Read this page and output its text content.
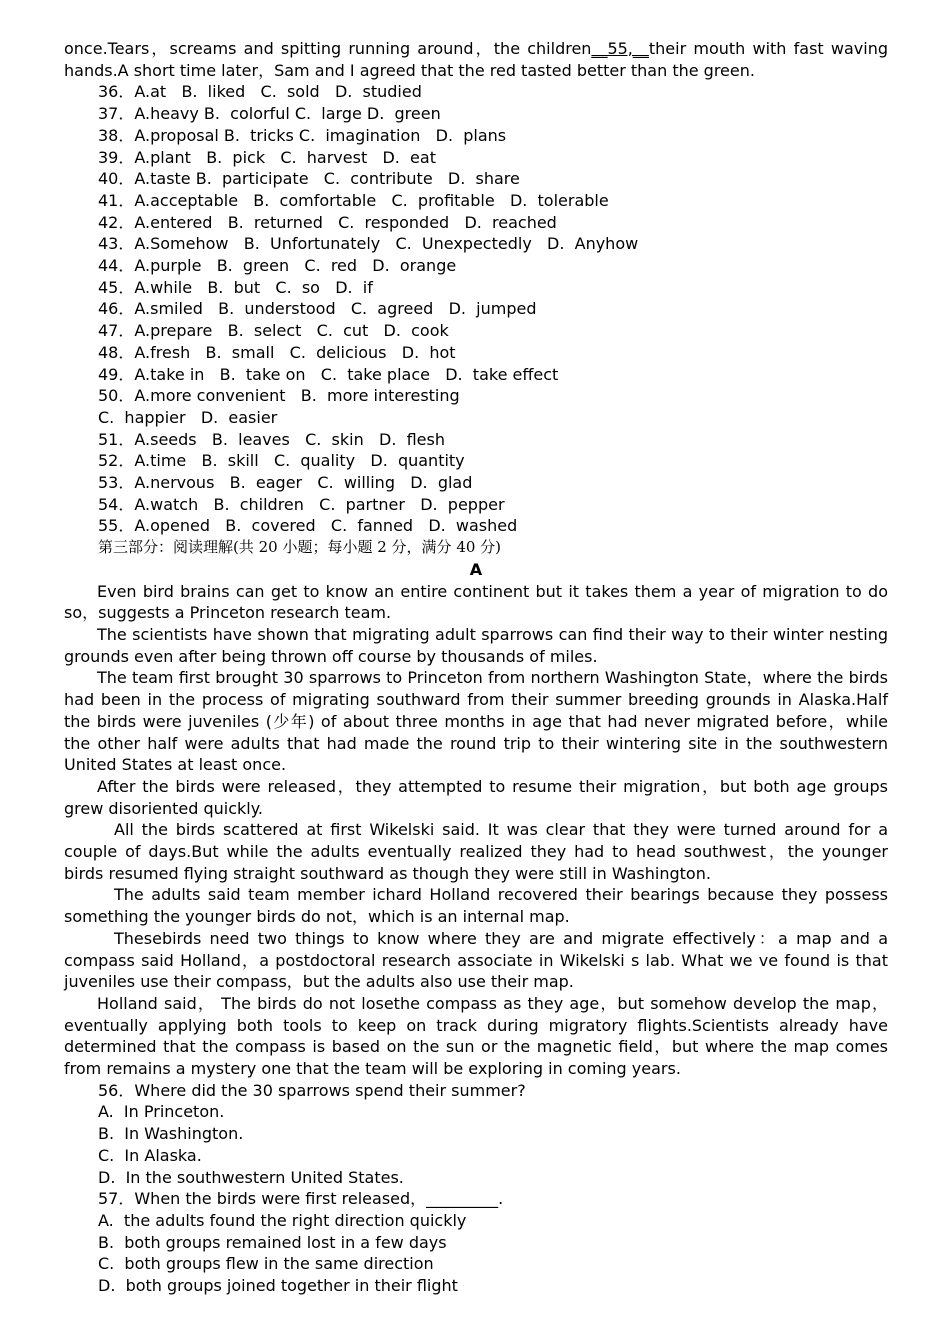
once.Tears，screams and spitting running around，the children__55,__their mouth with fast waving hands.A short time later，Sam and I agreed that the red tasted better than the green.

36．A.at   B.  liked   C.  sold   D.  studied

37．A.heavy B.  colorful C.  large D.  green

38．A.proposal B.  tricks C.  imagination   D.  plans

39．A.plant   B.  pick   C.  harvest   D.  eat

40．A.taste B.  participate   C.  contribute   D.  share

41．A.acceptable   B.  comfortable   C.  profitable   D.  tolerable

42．A.entered   B.  returned   C.  responded   D.  reached

43．A.Somehow   B.  Unfortunately   C.  Unexpectedly   D.  Anyhow

44．A.purple   B.  green   C.  red   D.  orange

45．A.while   B.  but   C.  so   D.  if

46．A.smiled   B.  understood   C.  agreed   D.  jumped

47．A.prepare   B.  select   C.  cut   D.  cook

48．A.fresh   B.  small   C.  delicious   D.  hot

49．A.take in   B.  take on   C.  take place   D.  take effect

50．A.more convenient   B.  more interesting

C.  happier   D.  easier

51．A.seeds   B.  leaves   C.  skin   D.  flesh

52．A.time   B.  skill   C.  quality   D.  quantity

53．A.nervous   B.  eager   C.  willing   D.  glad

54．A.watch   B.  children   C.  partner   D.  pepper

55．A.opened   B.  covered   C.  fanned   D.  washed

第三部分：阅读理解(共 20 小题；每小题 2 分，满分 40 分)

A

Even bird brains can get to know an entire continent but it takes them a year of migration to do so，suggests a Princeton research team.

The scientists have shown that migrating adult sparrows can find their way to their winter nesting grounds even after being thrown off course by thousands of miles.

The team first brought 30 sparrows to Princeton from northern Washington State，where the birds had been in the process of migrating southward from their summer breeding grounds in Alaska.Half the birds were juveniles (少年) of about three months in age that had never migrated before，while the other half were adults that had made the round trip to their wintering site in the southwestern United States at least once.

After the birds were released，they attempted to resume their migration，but both age groups grew disoriented quickly.

All the birds scattered at first Wikelski said. It was clear that they were turned around for a couple of days.But while the adults eventually realized they had to head southwest，the younger birds resumed flying straight southward as though they were still in Washington.

The adults said team member ichard Holland recovered their bearings because they possess something the younger birds do not，which is an internal map.

Thesebirds need two things to know where they are and migrate effectively：a map and a compass said Holland，a postdoctoral research associate in Wikelski s lab. What we ve found is that juveniles use their compass，but the adults also use their map.

Holland said， The birds do not losethe compass as they age，but somehow develop the map，eventually applying both tools to keep on track during migratory flights.Scientists already have determined that the compass is based on the sun or the magnetic field，but where the map comes from remains a mystery one that the team will be exploring in coming years.

56．Where did the 30 sparrows spend their summer?

A.  In Princeton.

B.  In Washington.

C.  In Alaska.

D.  In the southwestern United States.

57．When the birds were first released，_________.

A.  the adults found the right direction quickly

B.  both groups remained lost in a few days

C.  both groups flew in the same direction

D.  both groups joined together in their flight
